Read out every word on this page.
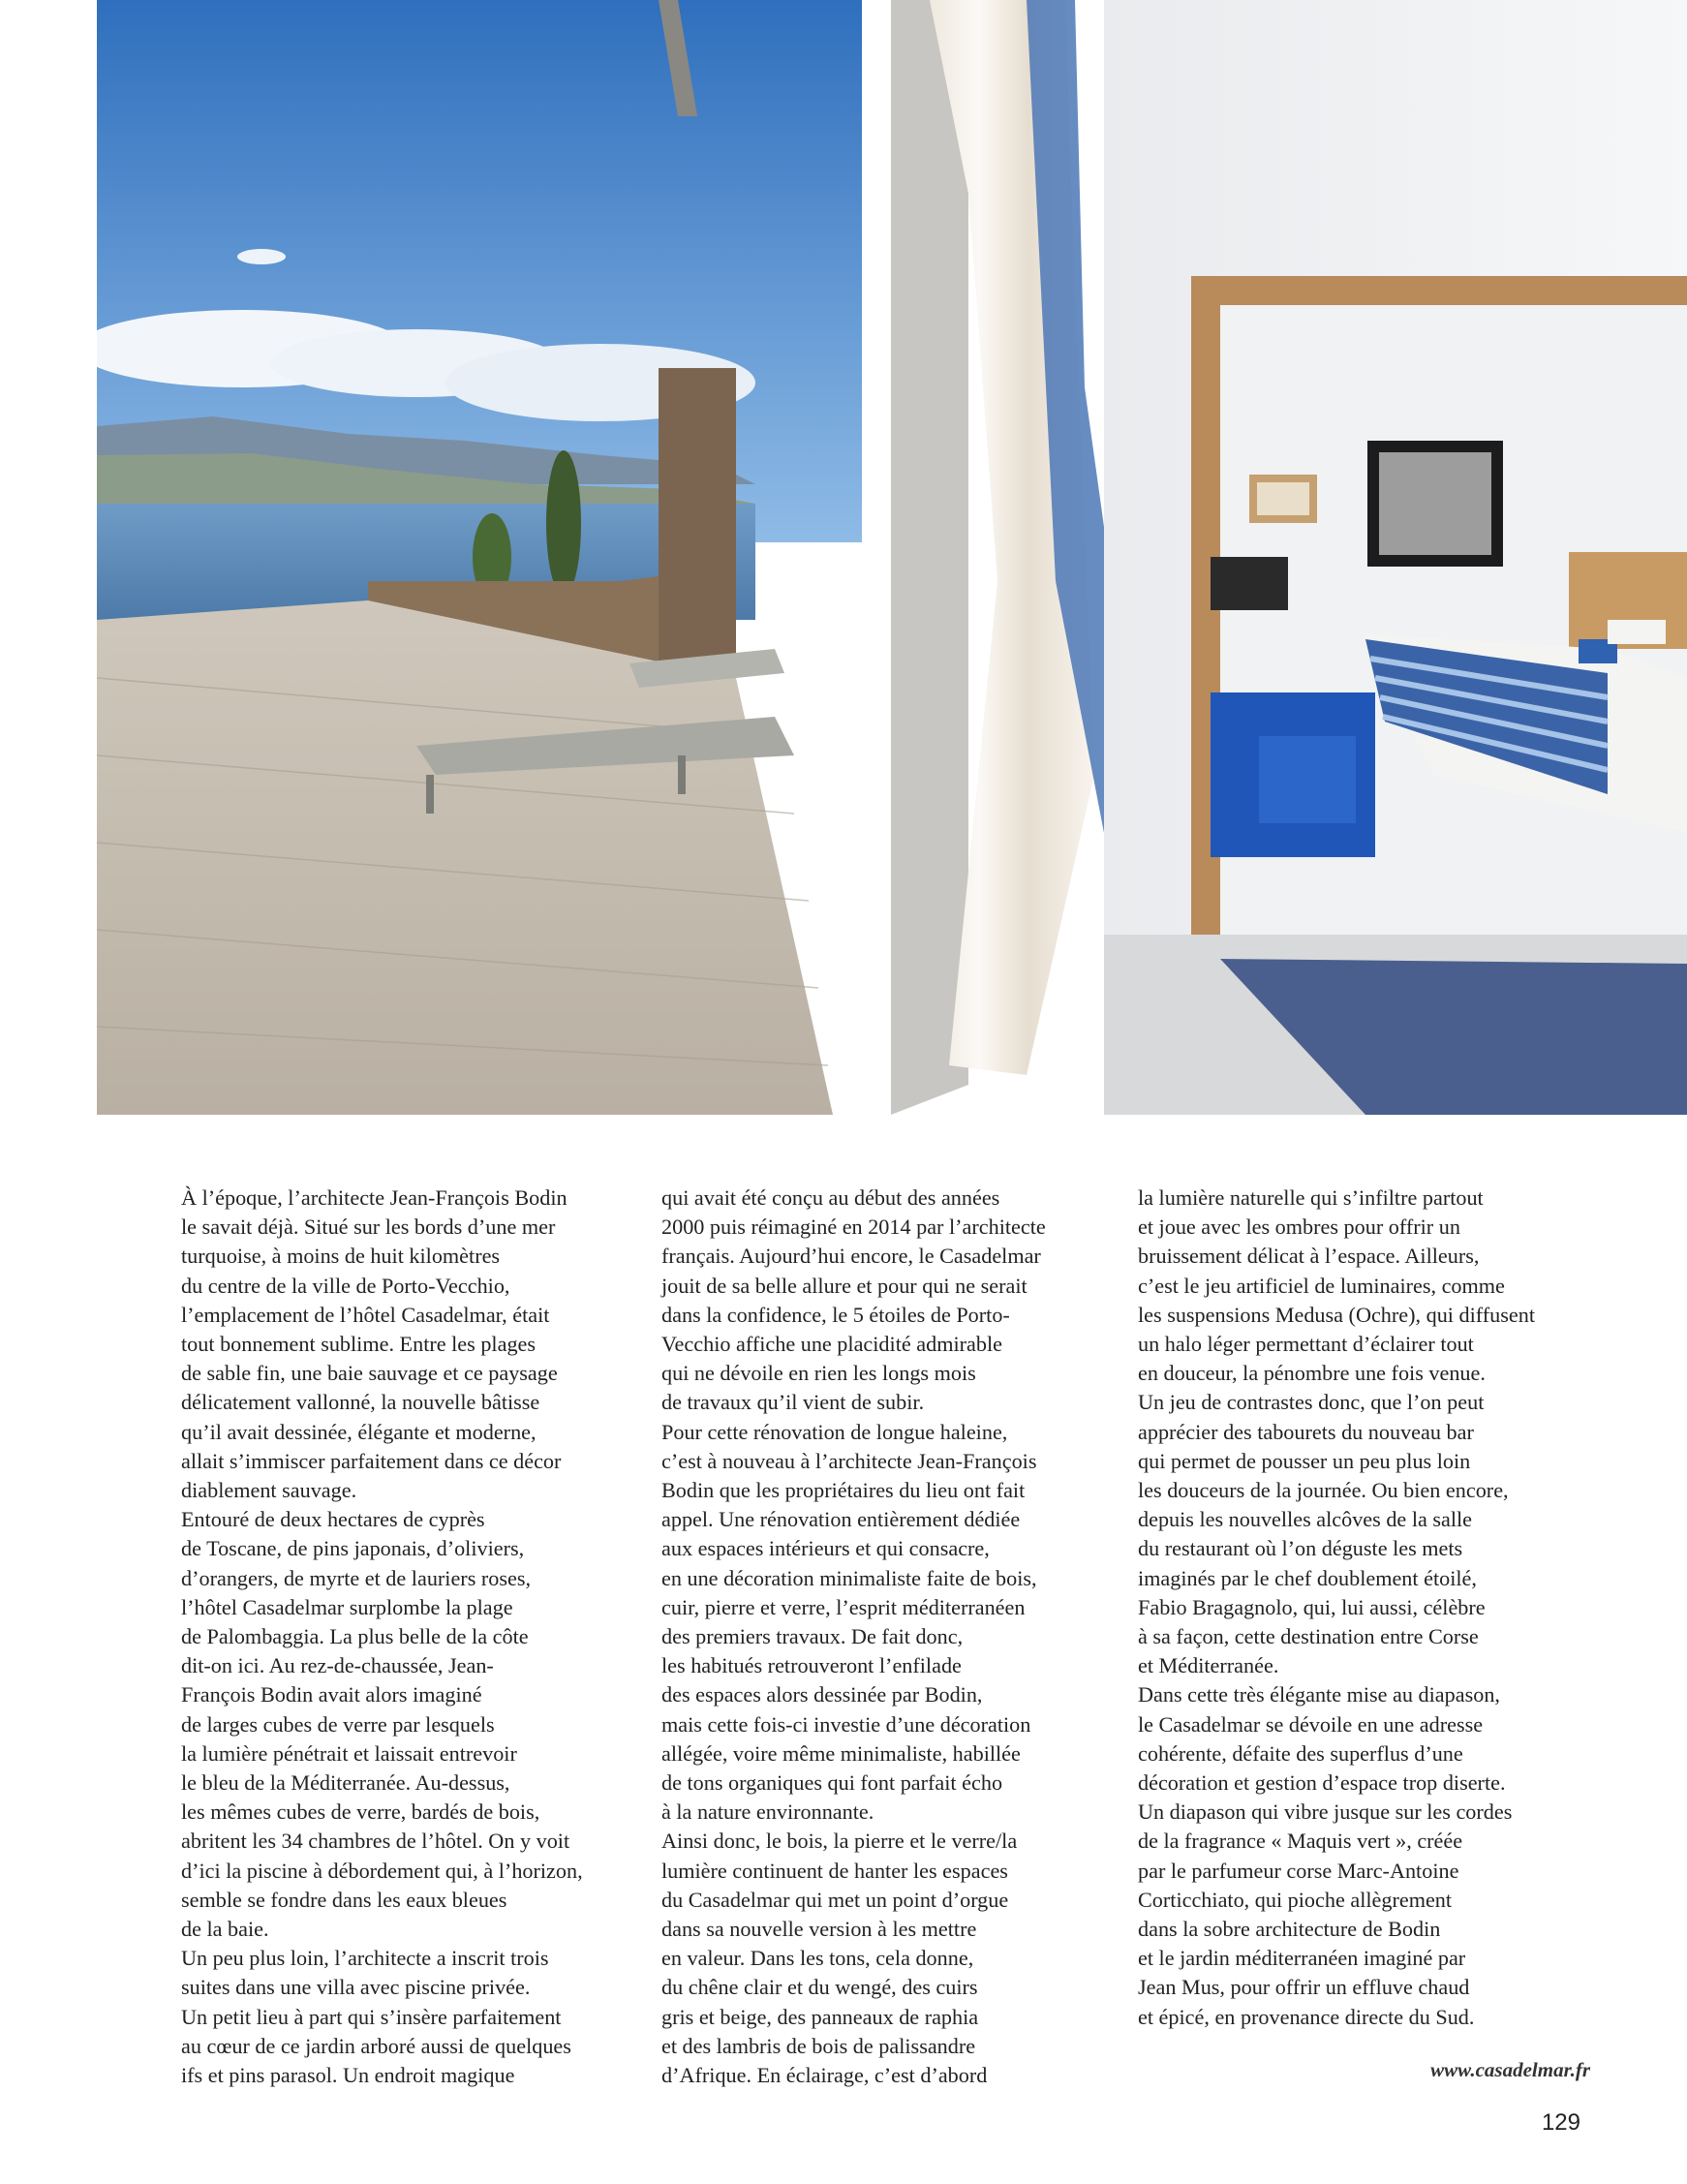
À l’époque, l’architecte Jean-François Bodin

le savait déjà. Situé sur les bords d’une mer

turquoise, à moins de huit kilomètres

du centre de la ville de Porto-Vecchio,

l’emplacement de l’hôtel Casadelmar, était

tout bonnement sublime. Entre les plages

de sable fin, une baie sauvage et ce paysage

délicatement vallonné, la nouvelle bâtisse

qu’il avait dessinée, élégante et moderne,

allait s’immiscer parfaitement dans ce décor

diablement sauvage.

Entouré de deux hectares de cyprès

de Toscane, de pins japonais, d’oliviers,

d’orangers, de myrte et de lauriers roses,

l’hôtel Casadelmar surplombe la plage

de Palombaggia. La plus belle de la côte

dit-on ici. Au rez-de-chaussée, Jean-

François Bodin avait alors imaginé

de larges cubes de verre par lesquels

la lumière pénétrait et laissait entrevoir

le bleu de la Méditerranée. Au-dessus,

les mêmes cubes de verre, bardés de bois,

abritent les 34 chambres de l’hôtel. On y voit

d’ici la piscine à débordement qui, à l’horizon,

semble se fondre dans les eaux bleues

de la baie.

Un peu plus loin, l’architecte a inscrit trois

suites dans une villa avec piscine privée.

Un petit lieu à part qui s’insère parfaitement

au cœur de ce jardin arboré aussi de quelques

ifs et pins parasol. Un endroit magique

qui avait été conçu au début des années

2000 puis réimaginé en 2014 par l’architecte

français. Aujourd’hui encore, le Casadelmar

jouit de sa belle allure et pour qui ne serait

dans la confidence, le 5 étoiles de Porto-

Vecchio affiche une placidité admirable

qui ne dévoile en rien les longs mois

de travaux qu’il vient de subir.

Pour cette rénovation de longue haleine,

c’est à nouveau à l’architecte Jean-François

Bodin que les propriétaires du lieu ont fait

appel. Une rénovation entièrement dédiée

aux espaces intérieurs et qui consacre,

en une décoration minimaliste faite de bois,

cuir, pierre et verre, l’esprit méditerranéen

des premiers travaux. De fait donc,

les habitués retrouveront l’enfilade

des espaces alors dessinée par Bodin,

mais cette fois-ci investie d’une décoration

allégée, voire même minimaliste, habillée

de tons organiques qui font parfait écho

à la nature environnante.

Ainsi donc, le bois, la pierre et le verre/la

lumière continuent de hanter les espaces

du Casadelmar qui met un point d’orgue

dans sa nouvelle version à les mettre

en valeur. Dans les tons, cela donne,

du chêne clair et du wengé, des cuirs

gris et beige, des panneaux de raphia

et des lambris de bois de palissandre

d’Afrique. En éclairage, c’est d’abord

la lumière naturelle qui s’infiltre partout

et joue avec les ombres pour offrir un

bruissement délicat à l’espace. Ailleurs,

c’est le jeu artificiel de luminaires, comme

les suspensions Medusa (Ochre), qui diffusent

un halo léger permettant d’éclairer tout

en douceur, la pénombre une fois venue.

Un jeu de contrastes donc, que l’on peut

apprécier des tabourets du nouveau bar

qui permet de pousser un peu plus loin

les douceurs de la journée. Ou bien encore,

depuis les nouvelles alcôves de la salle

du restaurant où l’on déguste les mets

imaginés par le chef doublement étoilé,

Fabio Bragagnolo, qui, lui aussi, célèbre

à sa façon, cette destination entre Corse

et Méditerranée.

Dans cette très élégante mise au diapason,

le Casadelmar se dévoile en une adresse

cohérente, défaite des superflus d’une

décoration et gestion d’espace trop diserte.

Un diapason qui vibre jusque sur les cordes

de la fragrance « Maquis vert », créée

par le parfumeur corse Marc-Antoine

Corticchiato, qui pioche allègrement

dans la sobre architecture de Bodin

et le jardin méditerranéen imaginé par

Jean Mus, pour offrir un effluve chaud

et épicé, en provenance directe du Sud.

www.casadelmar.fr
129
